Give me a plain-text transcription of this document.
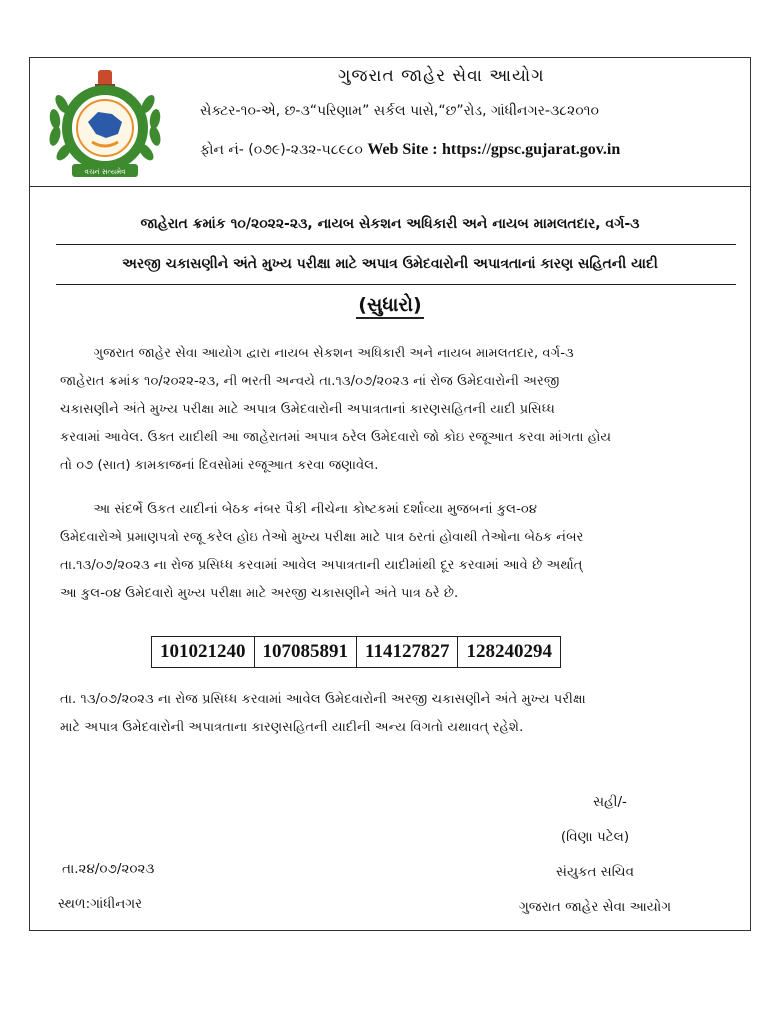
વચનં સત્યમેવ
ગુજરાત જાહેર સેવા આયોગ
સેક્ટર-૧૦-એ, છ-૩“પરિણામ” સર્કલ પાસે,“છ”રોડ, ગાંધીનગર-૩૮૨૦૧૦
ફોન નં- (૦૭૯)-૨૩૨-૫૮૯૮૦ Web Site : https://gpsc.gujarat.gov.in
જાહેરાત ક્રમાંક ૧૦/૨૦૨૨-૨૩, નાયબ સેકશન અધિકારી અને નાયબ મામલતદાર, વર્ગ-૩
અરજી ચકાસણીને અંતે મુખ્ય પરીક્ષા માટે અપાત્ર ઉમેદવારોની અપાત્રતાનાં કારણ સહિતની યાદી
(સુધારો)
ગુજરાત જાહેર સેવા આયોગ દ્વારા નાયબ સેકશન અધિકારી અને નાયબ મામલતદાર, વર્ગ-૩
જાહેરાત ક્રમાંક ૧૦/૨૦૨૨-૨૩, ની ભરતી અન્વયે તા.૧૩/૦૭/૨૦૨૩ નાં રોજ ઉમેદવારોની અરજી
ચકાસણીને અંતે મુખ્ય પરીક્ષા માટે અપાત્ર ઉમેદવારોની અપાત્રતાનાં કારણસહિતની યાદી પ્રસિધ્ધ
કરવામાં આવેલ. ઉક્ત યાદીથી આ જાહેરાતમાં અપાત્ર ઠરેલ ઉમેદવારો જો કોઇ રજૂઆત કરવા માંગતા હોય
તો ૦૭ (સાત) કામકાજનાં દિવસોમાં રજૂઆત કરવા જણાવેલ.
આ સંદર્ભે ઉકત યાદીનાં બેઠક નંબર પૈકી નીચેના કોષ્ટકમાં દર્શાવ્યા મુજબનાં કુલ-૦૪
ઉમેદવારોએ પ્રમાણપત્રો રજૂ કરેલ હોઇ તેઓ મુખ્ય પરીક્ષા માટે પાત્ર ઠરતાં હોવાથી તેઓના બેઠક નંબર
તા.૧૩/૦૭/૨૦૨૩ ના રોજ પ્રસિધ્ધ કરવામાં આવેલ અપાત્રતાની યાદીમાંથી દૂર કરવામાં આવે છે અર્થાત્
આ કુલ-૦૪ ઉમેદવારો મુખ્ય પરીક્ષા માટે અરજી ચકાસણીને અંતે પાત્ર ઠરે છે.
101021240	107085891	114127827	128240294
તા. ૧૩/૦૭/૨૦૨૩ ના રોજ પ્રસિધ્ધ કરવામાં આવેલ ઉમેદવારોની અરજી ચકાસણીને અંતે મુખ્ય પરીક્ષા
માટે અપાત્ર ઉમેદવારોની અપાત્રતાના કારણસહિતની યાદીની અન્ય વિગતો યથાવત્ રહેશે.
સહી/-
(વિણા પટેલ)
સંયુકત સચિવ
ગુજરાત જાહેર સેવા આયોગ
તા.૨૪/૦૭/૨૦૨૩
સ્થળ:ગાંધીનગર
